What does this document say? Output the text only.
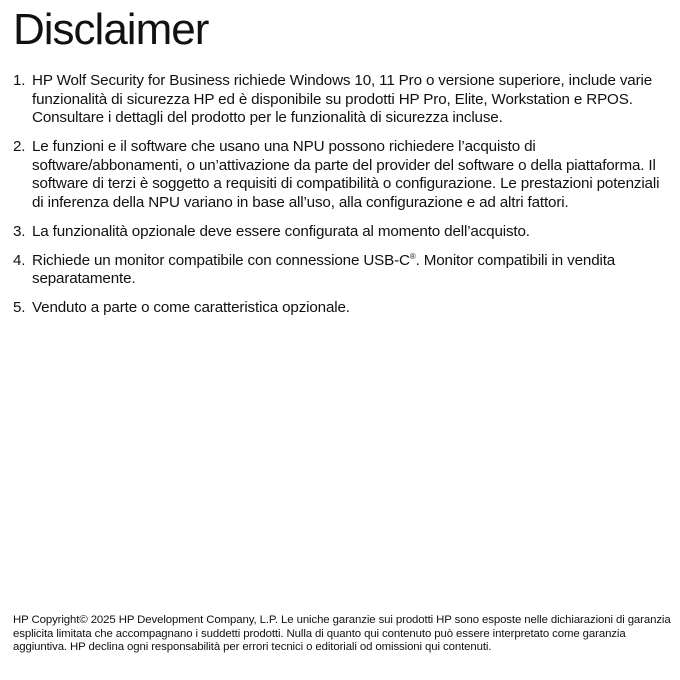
Disclaimer
1. HP Wolf Security for Business richiede Windows 10, 11 Pro o versione superiore, include varie funzionalità di sicurezza HP ed è disponibile su prodotti HP Pro, Elite, Workstation e RPOS. Consultare i dettagli del prodotto per le funzionalità di sicurezza incluse.
2. Le funzioni e il software che usano una NPU possono richiedere l’acquisto di software/abbonamenti, o un’attivazione da parte del provider del software o della piattaforma. Il software di terzi è soggetto a requisiti di compatibilità o configurazione. Le prestazioni potenziali di inferenza della NPU variano in base all’uso, alla configurazione e ad altri fattori.
3. La funzionalità opzionale deve essere configurata al momento dell’acquisto.
4. Richiede un monitor compatibile con connessione USB-C®. Monitor compatibili in vendita separatamente.
5. Venduto a parte o come caratteristica opzionale.

HP Copyright© 2025 HP Development Company, L.P. Le uniche garanzie sui prodotti HP sono esposte nelle dichiarazioni di garanzia esplicita limitata che accompagnano i suddetti prodotti. Nulla di quanto qui contenuto può essere interpretato come garanzia aggiuntiva. HP declina ogni responsabilità per errori tecnici o editoriali od omissioni qui contenuti.
